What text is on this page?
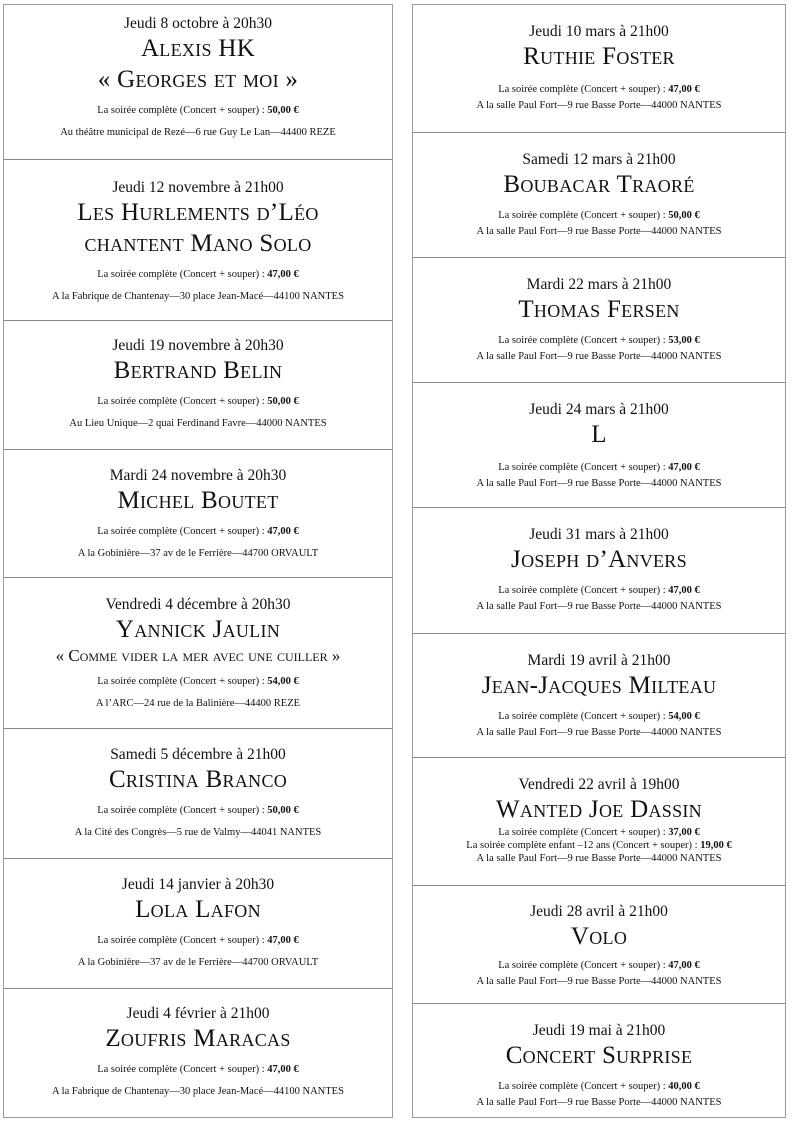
Jeudi 8 octobre à 20h30
Alexis HK
« Georges et moi »
La soirée complète (Concert + souper) : 50,00 €
Au théâtre municipal de Rezé—6 rue Guy Le Lan—44400 REZE
Jeudi 12 novembre à 21h00
Les Hurlements d’Léo
chantent Mano Solo
La soirée complète (Concert + souper) : 47,00 €
A la Fabrique de Chantenay—30 place Jean-Macé—44100 NANTES
Jeudi 19 novembre à 20h30
Bertrand Belin
La soirée complète (Concert + souper) : 50,00 €
Au Lieu Unique—2 quai Ferdinand Favre—44000 NANTES
Mardi 24 novembre à 20h30
Michel Boutet
La soirée complète (Concert + souper) : 47,00 €
A la Gobinière—37 av de le Ferrière—44700 ORVAULT
Vendredi 4 décembre à 20h30
Yannick Jaulin
« Comme vider la mer avec une cuiller »
La soirée complète (Concert + souper) : 54,00 €
A l’ARC—24 rue de la Balinière—44400 REZE
Samedi 5 décembre à 21h00
Cristina Branco
La soirée complète (Concert + souper) : 50,00 €
A la Cité des Congrès—5 rue de Valmy—44041 NANTES
Jeudi 14 janvier à 20h30
Lola Lafon
La soirée complète (Concert + souper) : 47,00 €
A la Gobinière—37 av de le Ferrière—44700 ORVAULT
Jeudi 4 février à 21h00
Zoufris Maracas
La soirée complète (Concert + souper) : 47,00 €
A la Fabrique de Chantenay—30 place Jean-Macé—44100 NANTES
Jeudi 10 mars à 21h00
Ruthie Foster
La soirée complète (Concert + souper) : 47,00 €
A la salle Paul Fort—9 rue Basse Porte—44000 NANTES
Samedi 12 mars à 21h00
Boubacar Traoré
La soirée complète (Concert + souper) : 50,00 €
A la salle Paul Fort—9 rue Basse Porte—44000 NANTES
Mardi 22 mars à 21h00
Thomas Fersen
La soirée complète (Concert + souper) : 53,00 €
A la salle Paul Fort—9 rue Basse Porte—44000 NANTES
Jeudi 24 mars à 21h00
L
La soirée complète (Concert + souper) : 47,00 €
A la salle Paul Fort—9 rue Basse Porte—44000 NANTES
Jeudi 31 mars à 21h00
Joseph d’Anvers
La soirée complète (Concert + souper) : 47,00 €
A la salle Paul Fort—9 rue Basse Porte—44000 NANTES
Mardi 19 avril à 21h00
Jean-Jacques Milteau
La soirée complète (Concert + souper) : 54,00 €
A la salle Paul Fort—9 rue Basse Porte—44000 NANTES
Vendredi 22 avril à 19h00
Wanted Joe Dassin
La soirée complète (Concert + souper) : 37,00 €
La soirée complète enfant –12 ans (Concert + souper) : 19,00 €
A la salle Paul Fort—9 rue Basse Porte—44000 NANTES
Jeudi 28 avril à 21h00
Volo
La soirée complète (Concert + souper) : 47,00 €
A la salle Paul Fort—9 rue Basse Porte—44000 NANTES
Jeudi 19 mai à 21h00
Concert Surprise
La soirée complète (Concert + souper) : 40,00 €
A la salle Paul Fort—9 rue Basse Porte—44000 NANTES
